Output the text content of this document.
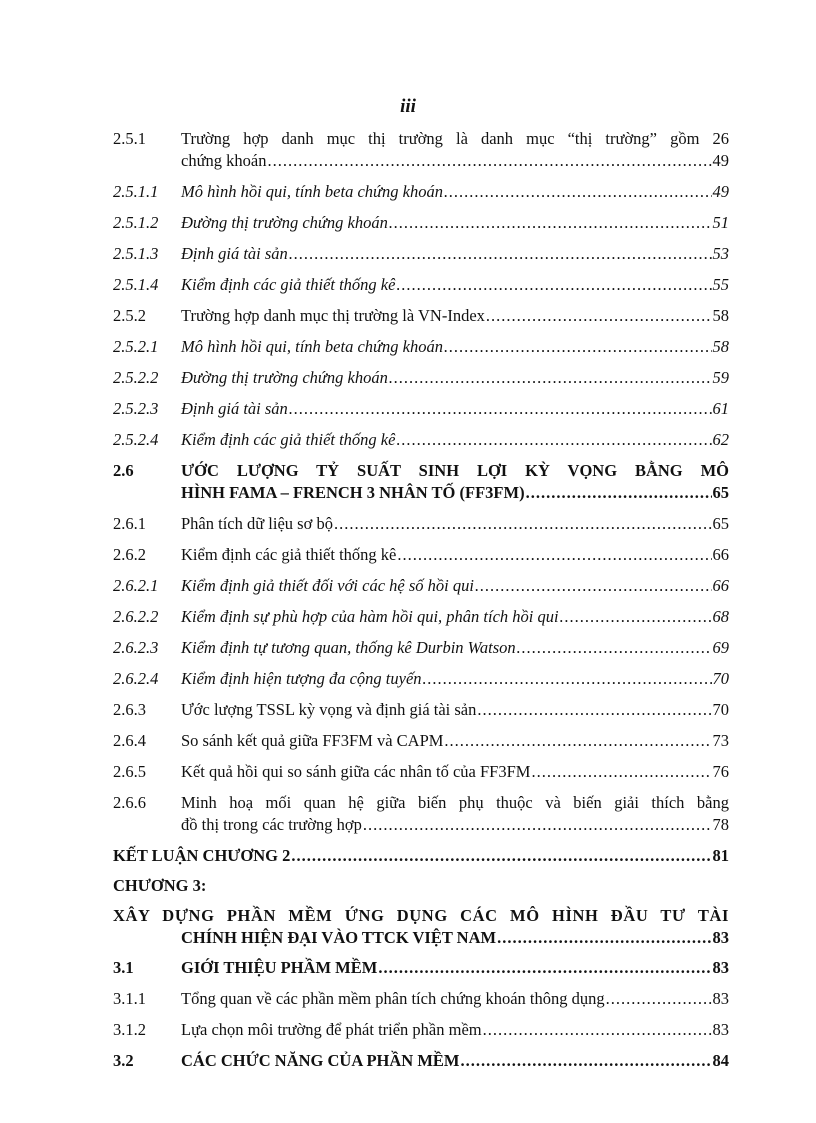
iii
2.5.1 Trường hợp danh mục thị trường là danh mục “thị trường” gồm 26
chứng khoán .....	49
2.5.1.1 Mô hình hồi qui, tính beta chứng khoán .....	49
2.5.1.2 Đường thị trường chứng khoán .....	51
2.5.1.3 Định giá tài sản .....	53
2.5.1.4 Kiểm định các giả thiết thống kê .....	55
2.5.2 Trường hợp danh mục thị trường là VN-Index .....	58
2.5.2.1 Mô hình hồi qui, tính beta chứng khoán .....	58
2.5.2.2 Đường thị trường chứng khoán .....	59
2.5.2.3 Định giá tài sản .....	61
2.5.2.4 Kiểm định các giả thiết thống kê .....	62
2.6	ƯỚC LƯỢNG TỶ SUẤT SINH LỢI KỲ VỌNG BẰNG MÔ
HÌNH FAMA – FRENCH 3 NHÂN TỐ (FF3FM) .....	65
2.6.1 Phân tích dữ liệu sơ bộ .....	65
2.6.2 Kiểm định các giả thiết thống kê .....	66
2.6.2.1 Kiểm định giả thiết đối với các hệ số hồi qui .....	66
2.6.2.2 Kiểm định sự phù hợp của hàm hồi qui, phân tích hồi qui .....	68
2.6.2.3 Kiểm định tự tương quan, thống kê Durbin Watson .....	69
2.6.2.4 Kiểm định hiện tượng đa cộng tuyến .....	70
2.6.3 Ước lượng TSSL kỳ vọng và định giá tài sản .....	70
2.6.4 So sánh kết quả giữa FF3FM và CAPM .....	73
2.6.5 Kết quả hồi qui so sánh giữa các nhân tố của FF3FM .....	76
2.6.6 Minh hoạ mối quan hệ giữa biến phụ thuộc và biến giải thích bằng
đồ thị trong các trường hợp .....	78
KẾT LUẬN CHƯƠNG 2 .....	81
CHƯƠNG 3:
XÂY DỰNG PHẦN MỀM ỨNG DỤNG CÁC MÔ HÌNH ĐẦU TƯ TÀI
CHÍNH HIỆN ĐẠI VÀO TTCK VIỆT NAM .....	83
3.1	GIỚI THIỆU PHẦM MỀM .....	83
3.1.1 Tổng quan về các phần mềm phân tích chứng khoán thông dụng .....	83
3.1.2 Lựa chọn môi trường để phát triển phần mềm .....	83
3.2	CÁC CHỨC NĂNG CỦA PHẦN MỀM .....	84
